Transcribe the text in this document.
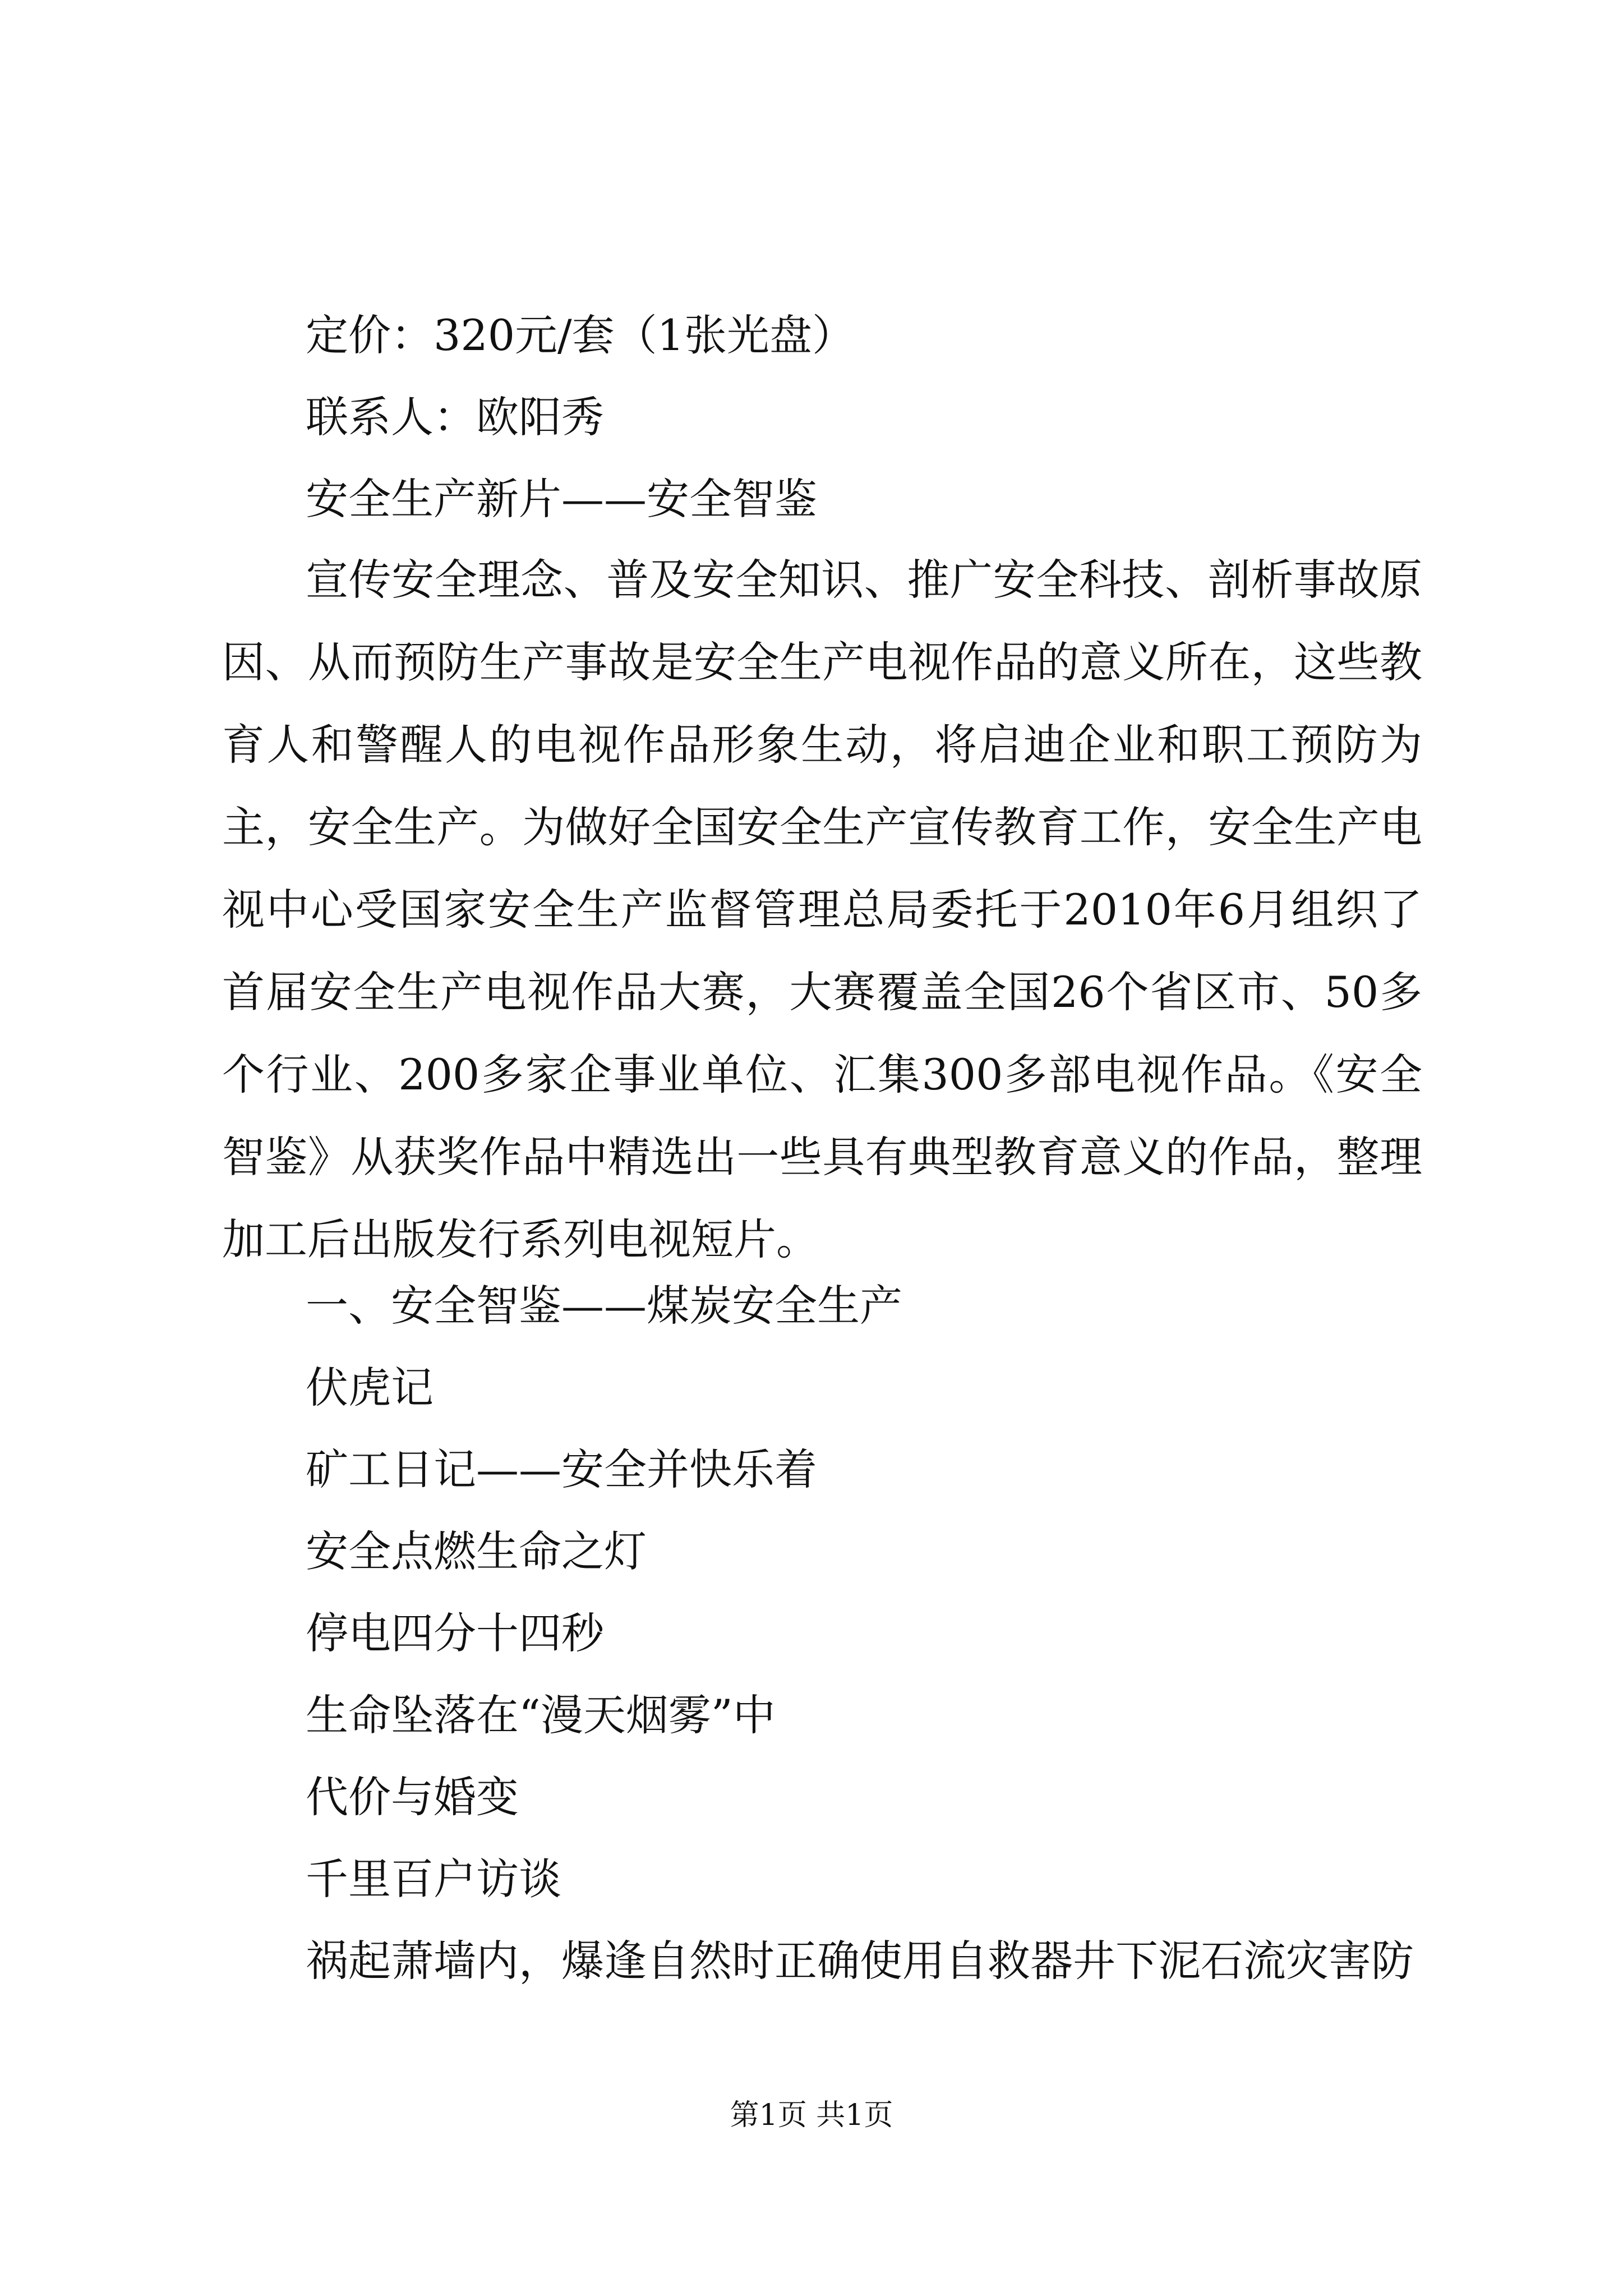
定价：320元/套（1张光盘）
联系人：欧阳秀
安全生产新片——安全智鉴
宣传安全理念、普及安全知识、推广安全科技、剖析事故原因、从而预防生产事故是安全生产电视作品的意义所在，这些教育人和警醒人的电视作品形象生动，将启迪企业和职工预防为主，安全生产。为做好全国安全生产宣传教育工作，安全生产电视中心受国家安全生产监督管理总局委托于2010年6月组织了首届安全生产电视作品大赛，大赛覆盖全国26个省区市、50多个行业、200多家企事业单位、汇集300多部电视作品。《安全智鉴》从获奖作品中精选出一些具有典型教育意义的作品，整理加工后出版发行系列电视短片。
一、安全智鉴——煤炭安全生产
伏虎记
矿工日记——安全并快乐着
安全点燃生命之灯
停电四分十四秒
生命坠落在“漫天烟雾”中
代价与婚变
千里百户访谈
祸起萧墙内，爆逢自然时正确使用自救器井下泥石流灾害防
第1页 共1页
